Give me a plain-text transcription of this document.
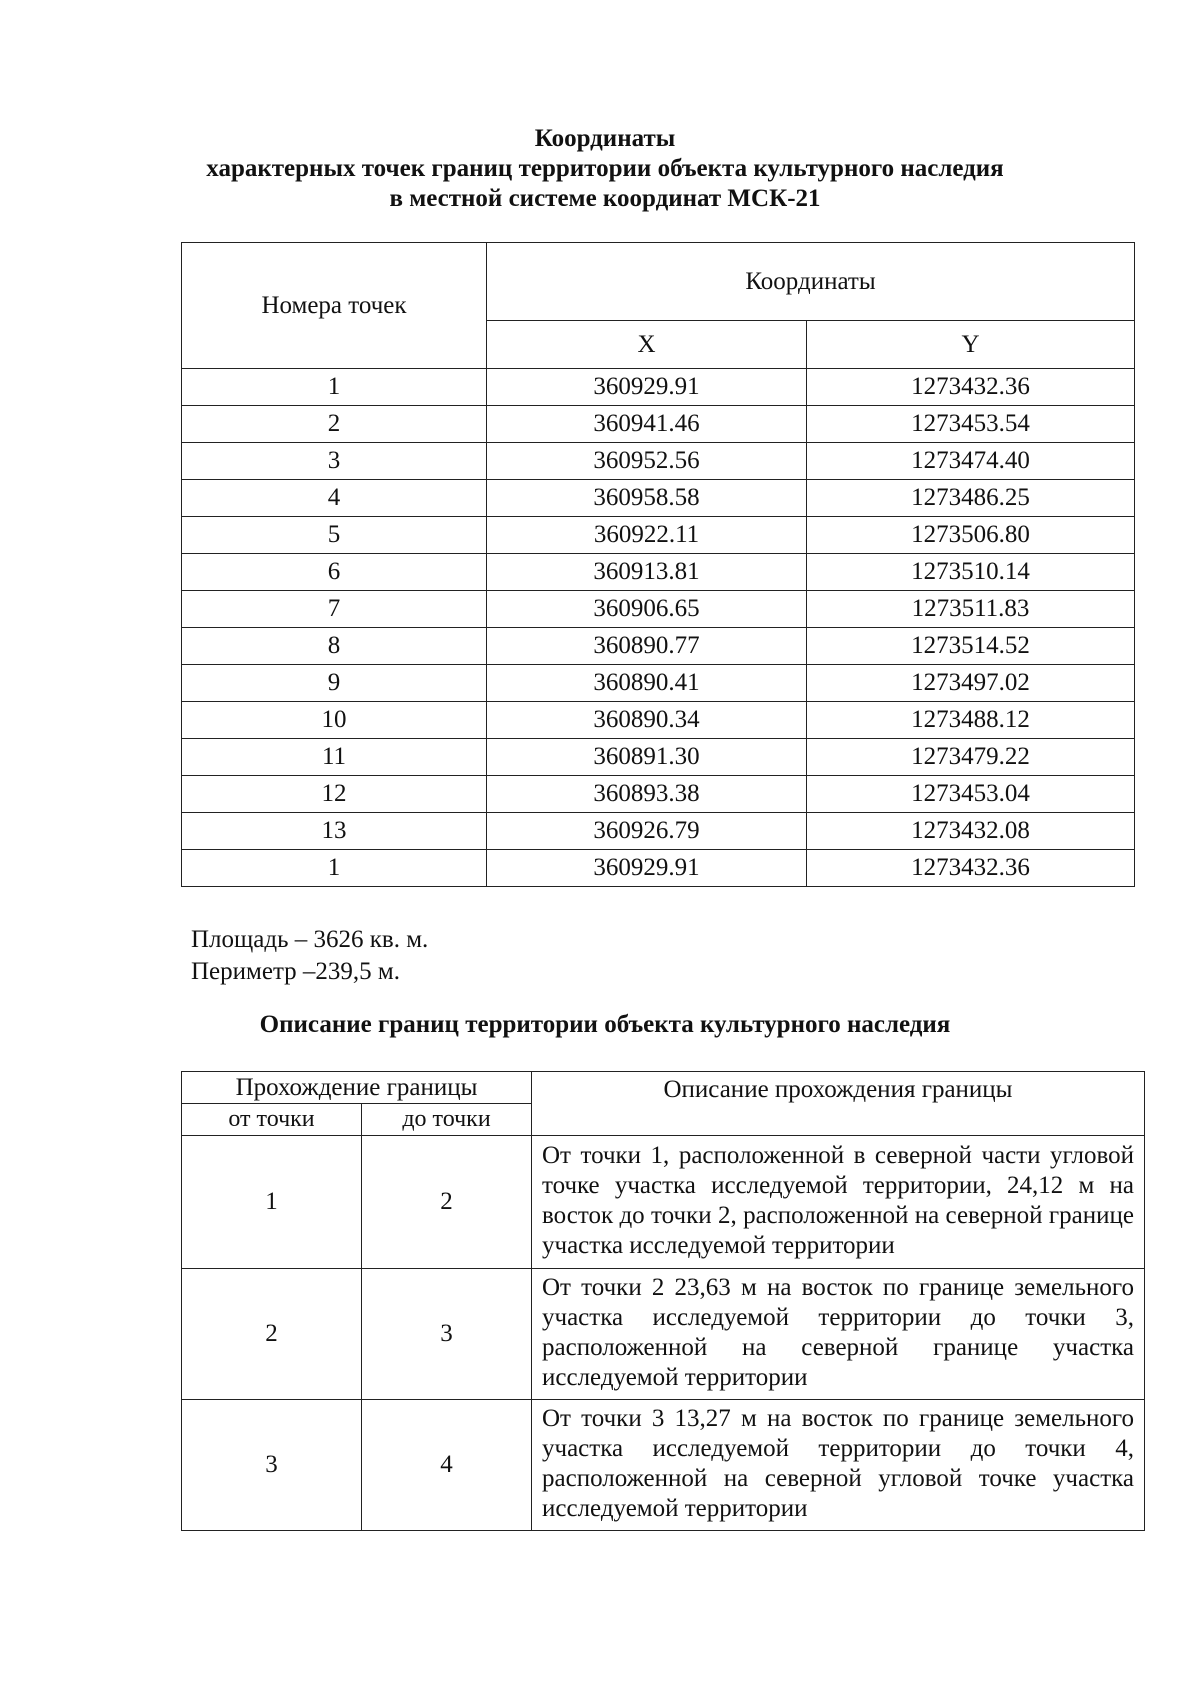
Координаты
характерных точек границ территории объекта культурного наследия
в местной системе координат МСК-21
Номера точек	Координаты	
	X	Y
1	360929.91	1273432.36
2	360941.46	1273453.54
3	360952.56	1273474.40
4	360958.58	1273486.25
5	360922.11	1273506.80
6	360913.81	1273510.14
7	360906.65	1273511.83
8	360890.77	1273514.52
9	360890.41	1273497.02
10	360890.34	1273488.12
11	360891.30	1273479.22
12	360893.38	1273453.04
13	360926.79	1273432.08
1	360929.91	1273432.36
Площадь – 3626 кв. м.
Периметр –239,5 м.
Описание границ территории объекта культурного наследия
Прохождение границы		Описание прохождения границы
от точки	до точки	
1	2	От точки 1, расположенной в северной части угловой точке участка исследуемой территории, 24,12 м на восток до точки 2, расположенной на северной границе участка исследуемой территории
2	3	От точки 2 23,63 м на восток по границе земельного участка исследуемой территории до точки 3, расположенной на северной границе участка исследуемой территории
3	4	От точки 3 13,27 м на восток по границе земельного участка исследуемой территории до точки 4, расположенной на северной угловой точке участка исследуемой территории
